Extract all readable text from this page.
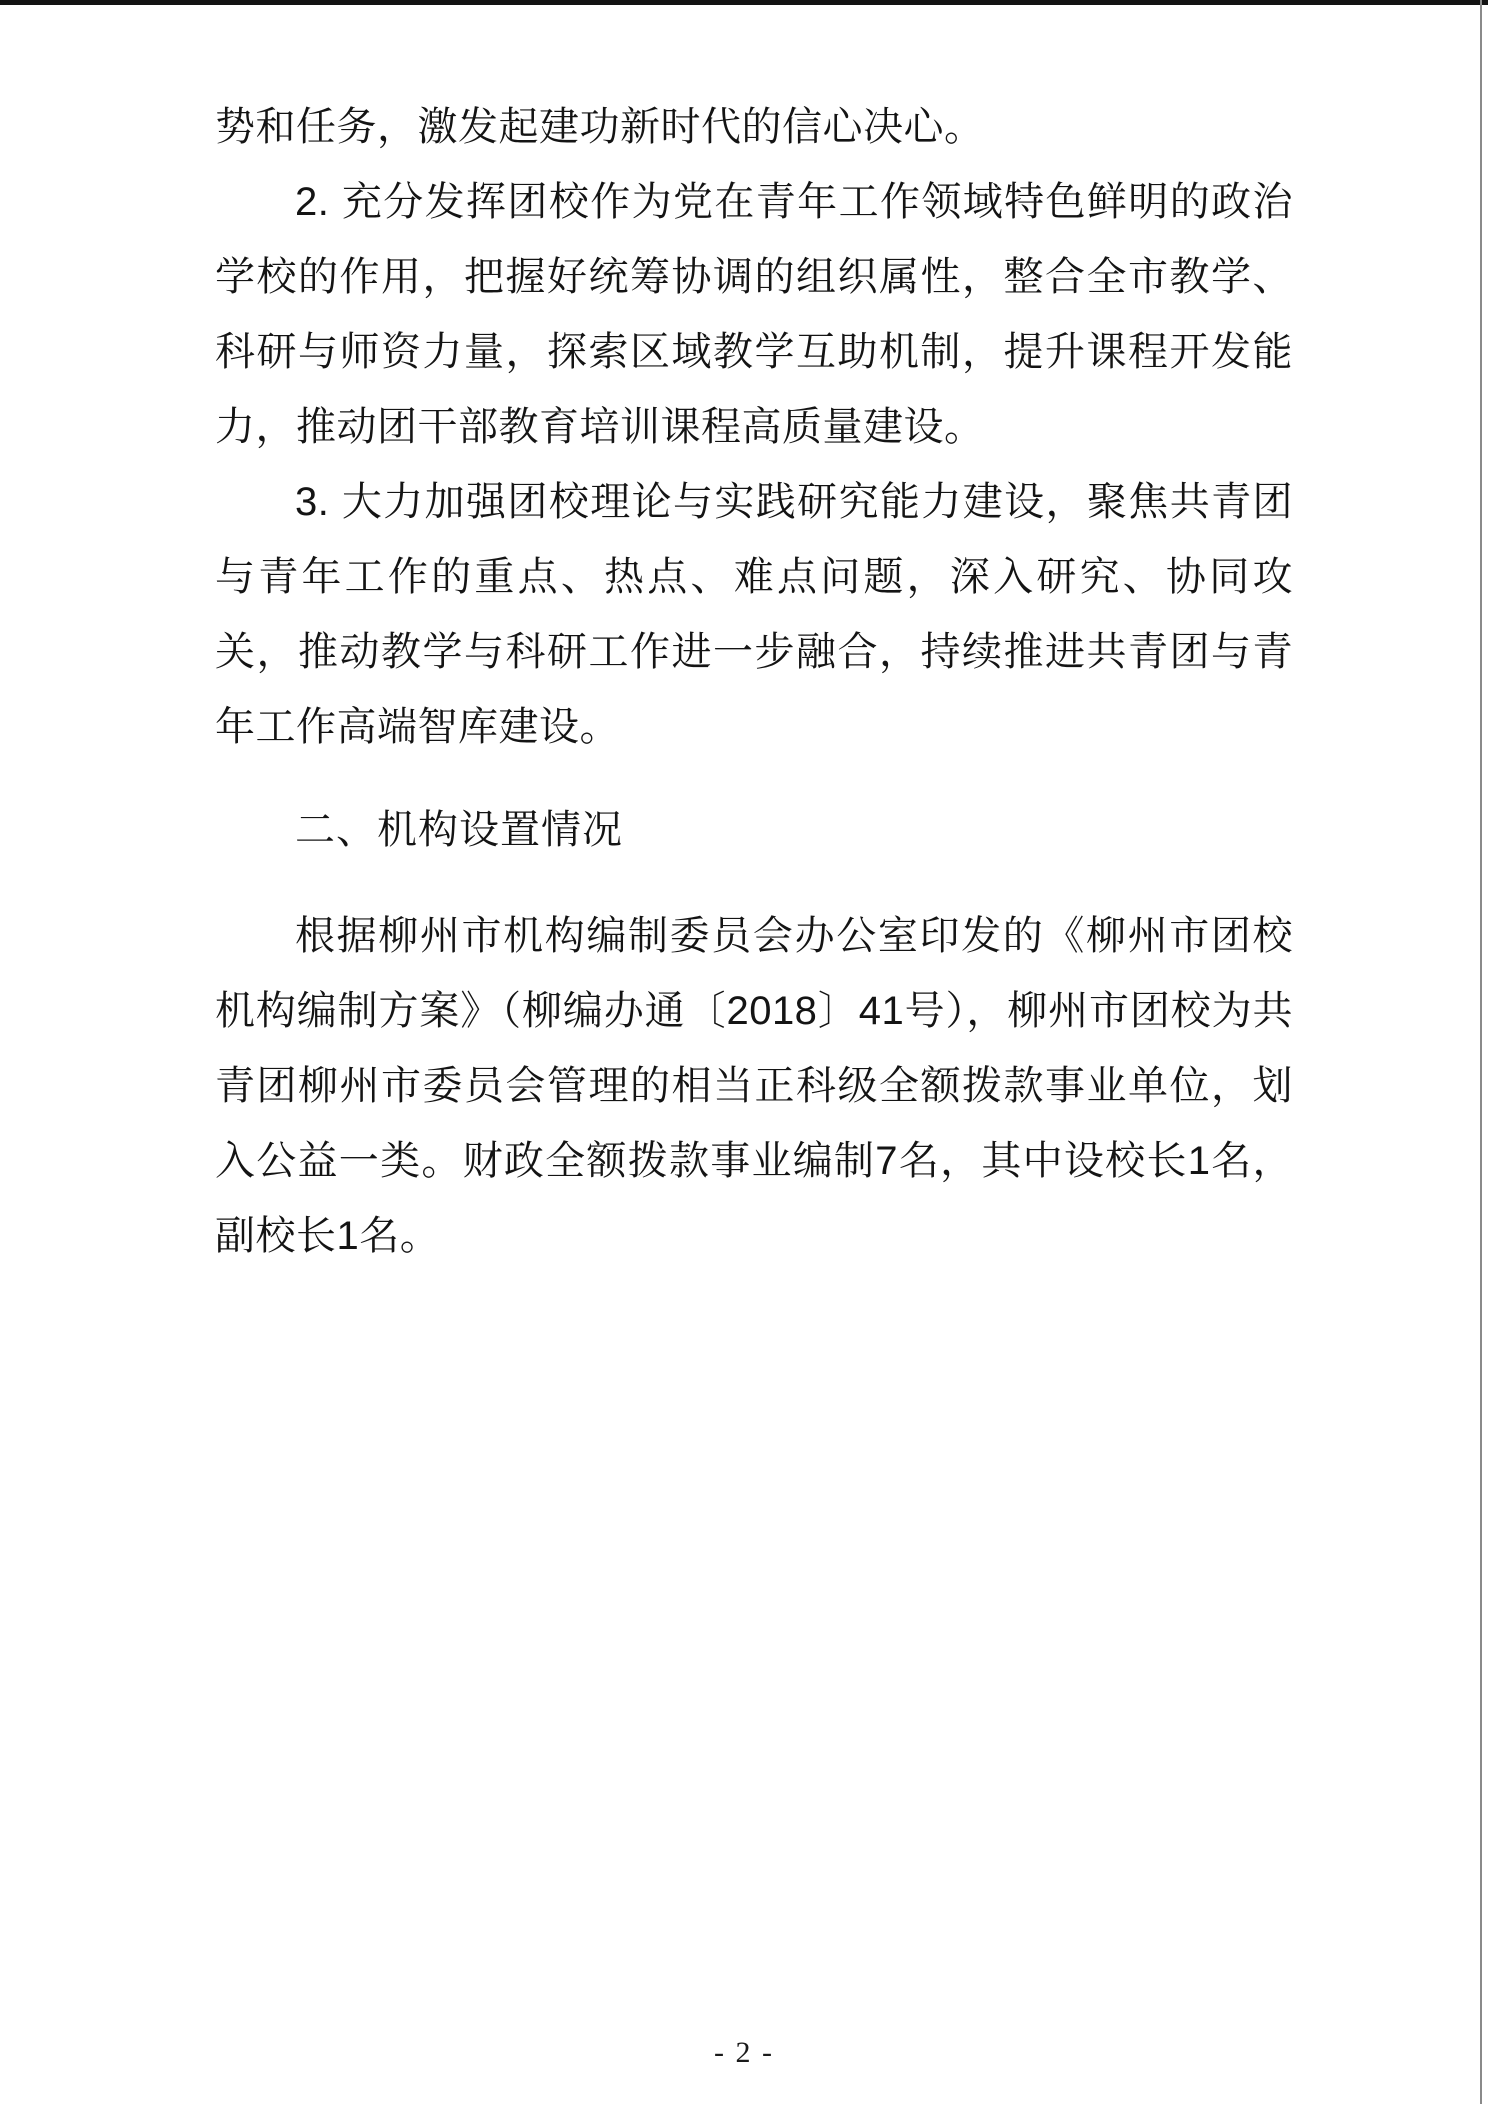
势和任务，激发起建功新时代的信心决心。

2. 充分发挥团校作为党在青年工作领域特色鲜明的政治学校的作用，把握好统筹协调的组织属性，整合全市教学、科研与师资力量，探索区域教学互助机制，提升课程开发能力，推动团干部教育培训课程高质量建设。

3. 大力加强团校理论与实践研究能力建设，聚焦共青团与青年工作的重点、热点、难点问题，深入研究、协同攻关，推动教学与科研工作进一步融合，持续推进共青团与青年工作高端智库建设。

二、机构设置情况

根据柳州市机构编制委员会办公室印发的《柳州市团校机构编制方案》（柳编办通〔2018〕41号），柳州市团校为共青团柳州市委员会管理的相当正科级全额拨款事业单位，划入公益一类。财政全额拨款事业编制7名，其中设校长1名，副校长1名。

- 2 -
